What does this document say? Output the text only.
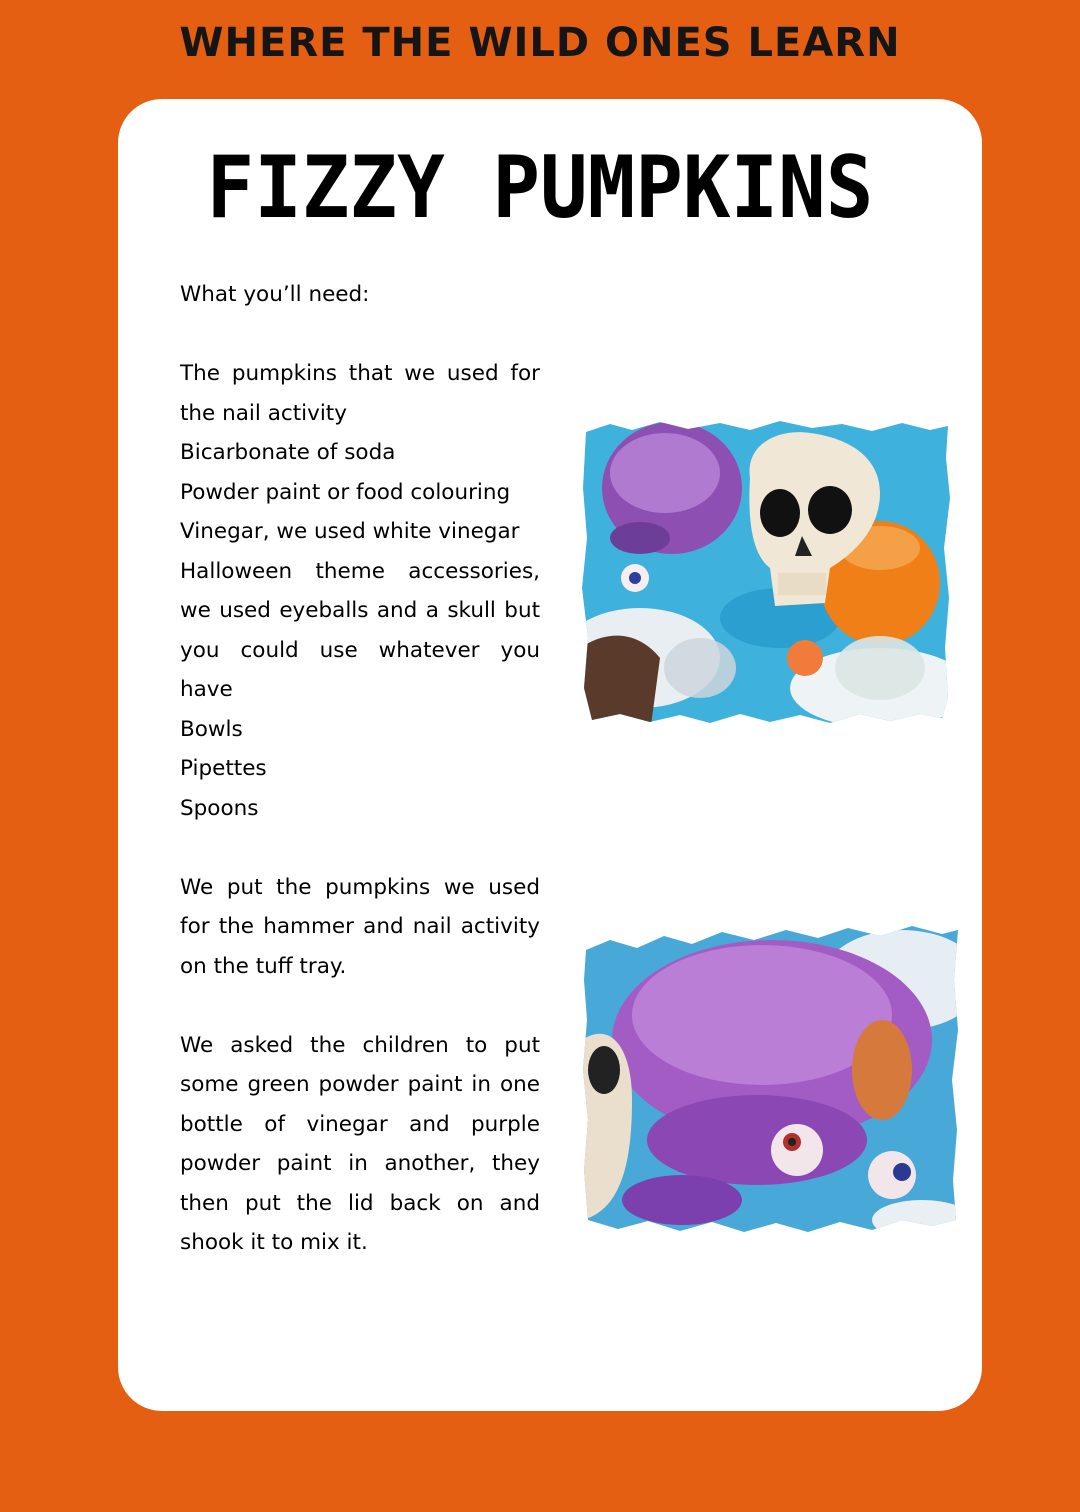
WHERE THE WILD ONES LEARN
FIZZY PUMPKINS

What you’ll need:

The pumpkins that we used for the nail activity
Bicarbonate of soda
Powder paint or food colouring
Vinegar, we used white vinegar
Halloween theme accessories, we used eyeballs and a skull but you could use whatever you have
Bowls
Pipettes
Spoons

We put the pumpkins we used for the hammer and nail activity on the tuff tray.

We asked the children to put some green powder paint in one bottle of vinegar and purple powder paint in another, they then put the lid back on and shook it to mix it.
